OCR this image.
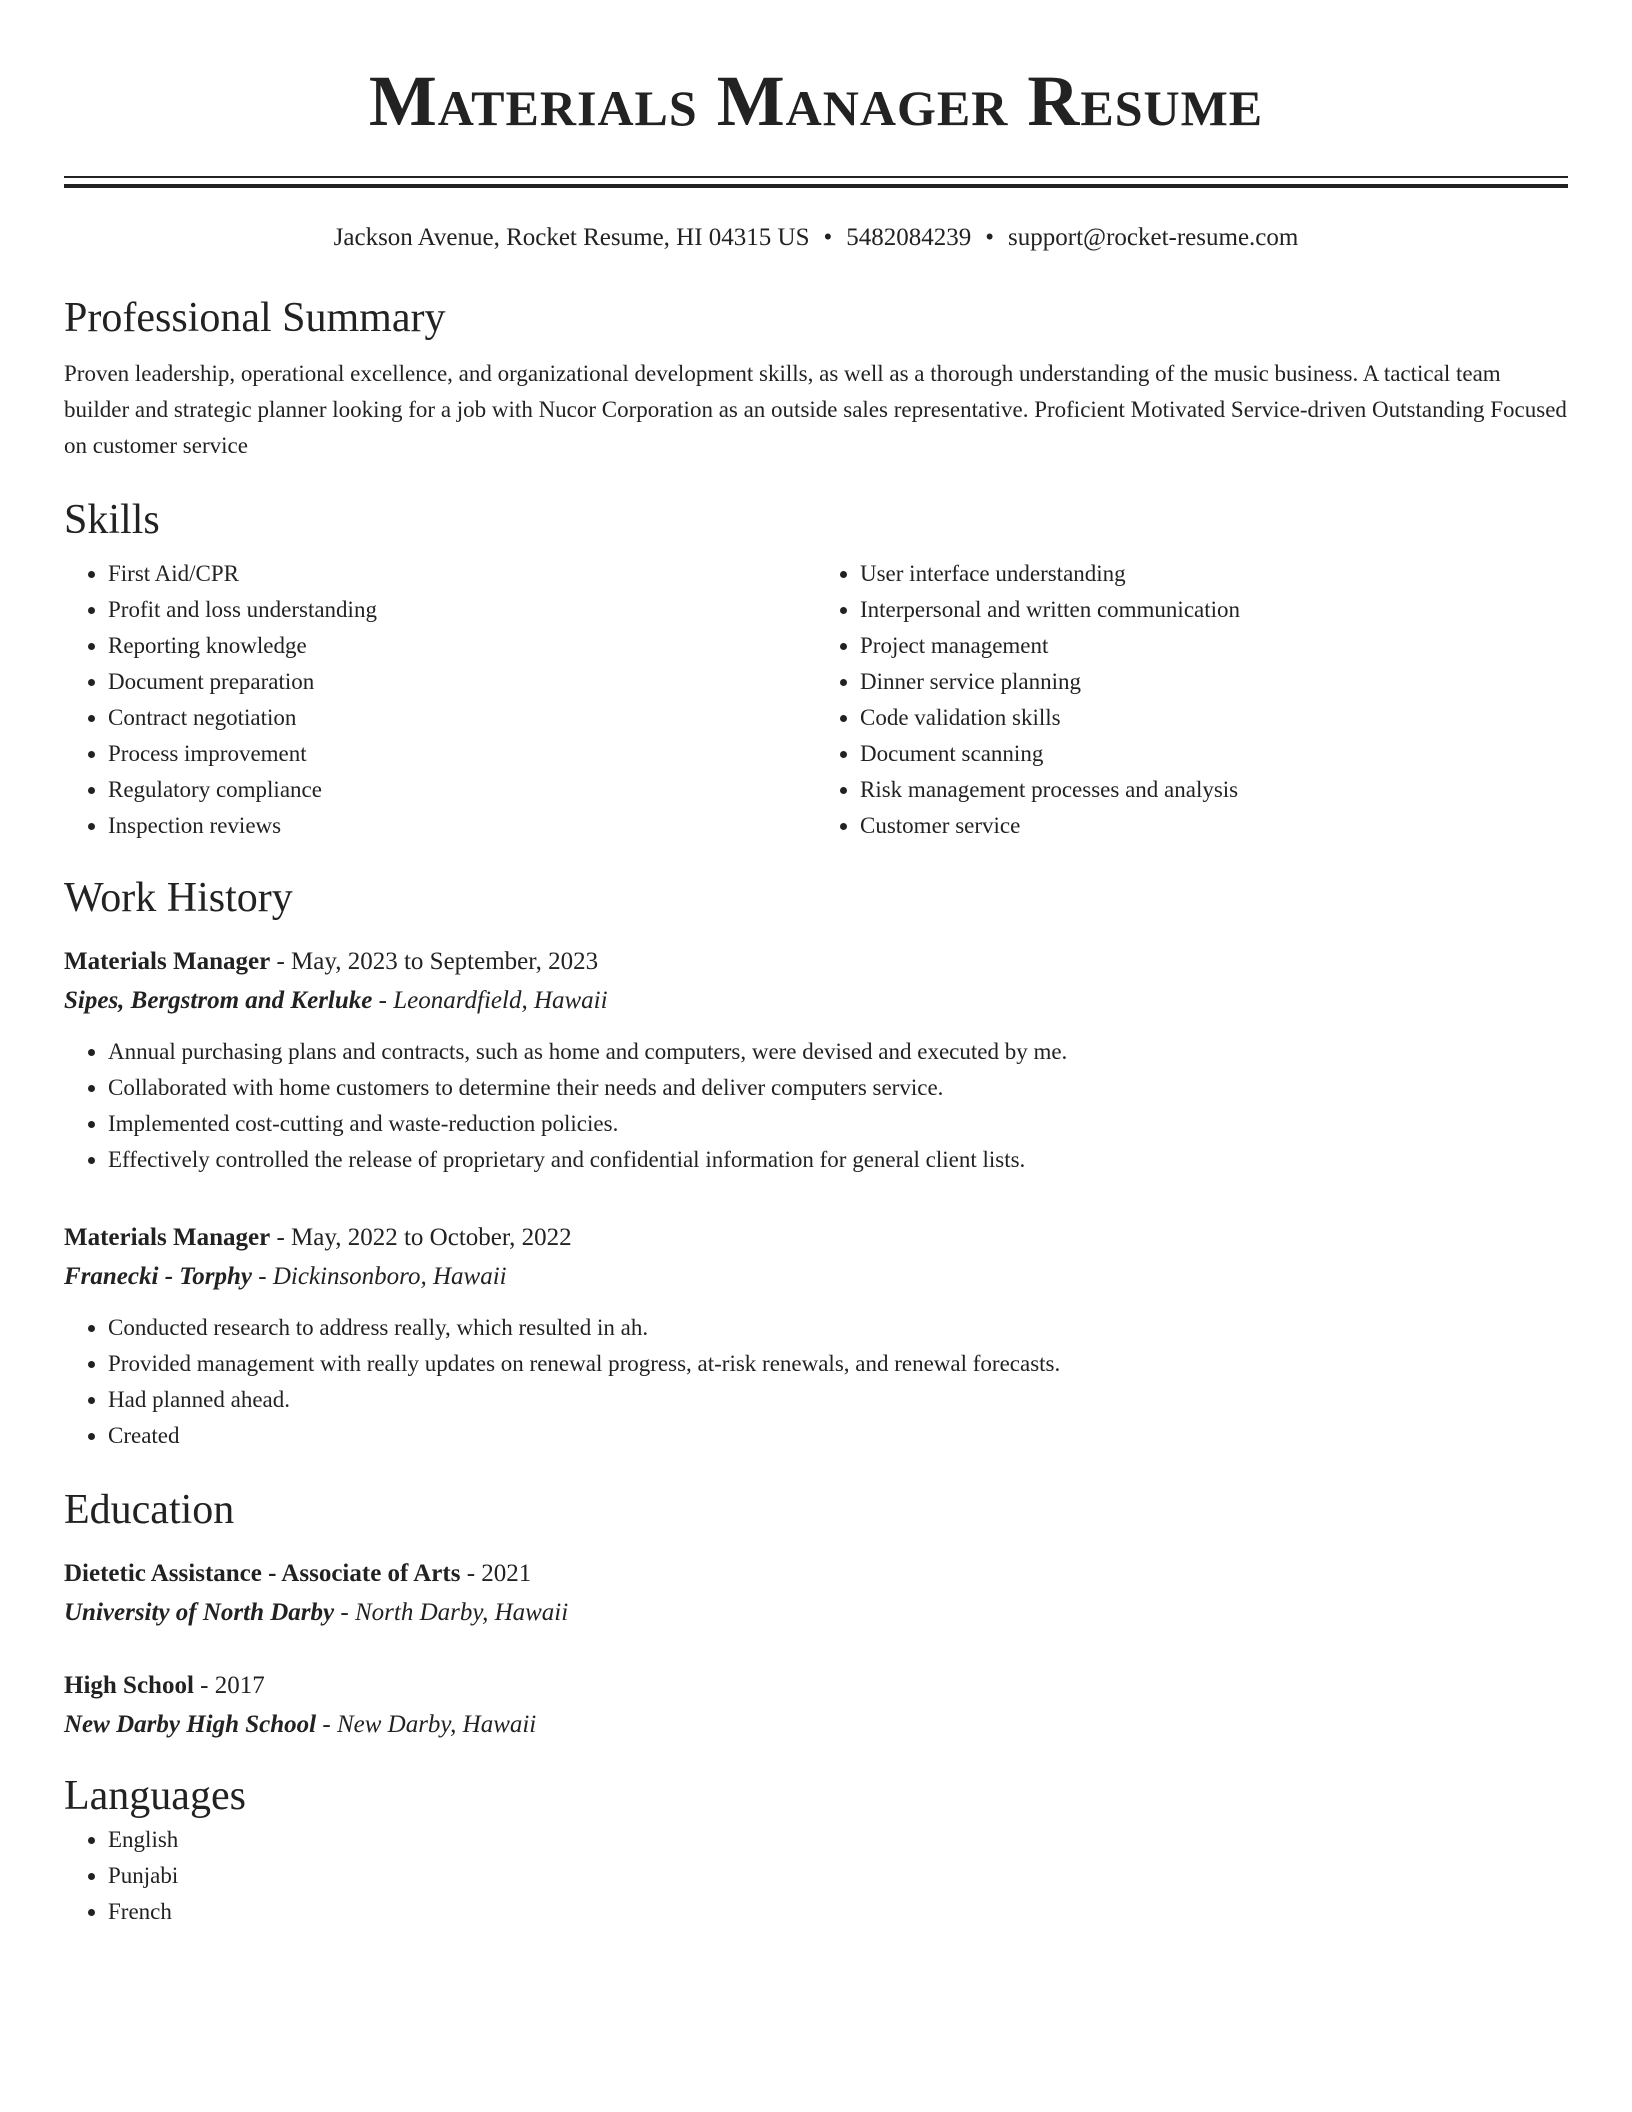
Materials Manager Resume
Jackson Avenue, Rocket Resume, HI 04315 US • 5482084239 • support@rocket-resume.com
Professional Summary

Proven leadership, operational excellence, and organizational development skills, as well as a thorough understanding of the music business. A tactical team builder and strategic planner looking for a job with Nucor Corporation as an outside sales representative. Proficient Motivated Service-driven Outstanding Focused on customer service

Skills
• First Aid/CPR
• Profit and loss understanding
• Reporting knowledge
• Document preparation
• Contract negotiation
• Process improvement
• Regulatory compliance
• Inspection reviews
• User interface understanding
• Interpersonal and written communication
• Project management
• Dinner service planning
• Code validation skills
• Document scanning
• Risk management processes and analysis
• Customer service
Work History
Materials Manager - May, 2023 to September, 2023
Sipes, Bergstrom and Kerluke - Leonardfield, Hawaii
• Annual purchasing plans and contracts, such as home and computers, were devised and executed by me.
• Collaborated with home customers to determine their needs and deliver computers service.
• Implemented cost-cutting and waste-reduction policies.
• Effectively controlled the release of proprietary and confidential information for general client lists.
Materials Manager - May, 2022 to October, 2022
Franecki - Torphy - Dickinsonboro, Hawaii
• Conducted research to address really, which resulted in ah.
• Provided management with really updates on renewal progress, at-risk renewals, and renewal forecasts.
• Had planned ahead.
• Created
Education
Dietetic Assistance - Associate of Arts - 2021
University of North Darby - North Darby, Hawaii
High School - 2017
New Darby High School - New Darby, Hawaii
Languages
• English
• Punjabi
• French
